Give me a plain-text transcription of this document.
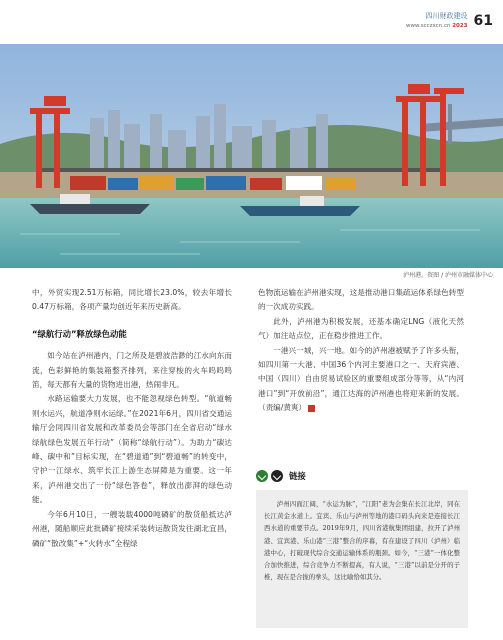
四川财政建设
www.scczxcn.cn 2023 61
泸州港。资图 / 泸州市融媒体中心

中，外贸实现2.51万标箱，同比增长23.0%，较去年增长0.47万标箱，各项产量均创近年来历史新高。

“绿航行动”释放绿色动能

如今站在泸州港内，门之所及是碧波浩渺的江水向东而流，色彩鲜艳的集装箱整齐排列，来往穿梭的火车呜呜鸣笛，每天都有大量的货物进出港，热闹非凡。

水路运输要大力发展，也不能忽视绿色转型。“航道畅则水运兴，航道净则水运绿。”在2021年6月，四川省交通运输厅会同四川省发展和改革委员会等部门在全省启动“绿水绿航绿色发展五年行动”（简称“绿航行动”）。为助力“碳达峰、碳中和”目标实现，在“碧道通”到“碧道畅”的转变中，守护一江绿水、筑牢长江上游生态屏障是为重要。这一年来，泸州港交出了一份“绿色答卷”，释放出澎湃的绿色动能。

今年6月10日，一艘装载4000吨磷矿的散货船抵达泸州港，随船顺应此批磷矿接续采装转运散货发往湖北宜昌，磷矿“散改集”+“火转水”全程绿

色物流运输在泸州港实现，这是推动港口集疏运体系绿色转型的一次成功实践。

此外，泸州港为积极发展，还基本确定LNG（液化天然气）加注站点位，正在稳步推进工作。

一港兴一城，兴一地。如今的泸州港被赋予了许多头衔，如四川第一大港、中国36个内河主要港口之一、天府宾港、中国（四川）自由贸易试验区的重要组成部分等等，从“内河港口”到“开放前沿”，通江达海的泸州港也将迎来新的发展。（责编/黄爽）

链接

泸州四面江阔，“水运为脉”，“江阳”老为会集在长江北岸，同在长江黄金水道上。宜宾、乐山与泸州等地的港口码头向来是连接长江西水道的重要节点。2019年9月，四川省港航集团组建，拉开了泸州港、宜宾港、乐山港“三港”整合的序幕，有在建设了四川（泸州）临港中心，打破现代综合交通运输体系的瓶颈。如今，“三港”一体化整合加快推进，综合竞争力不断提高，有人说，“三港”以前是分开的子椎，现在是合拢的拳头，这比喻恰如其分。
